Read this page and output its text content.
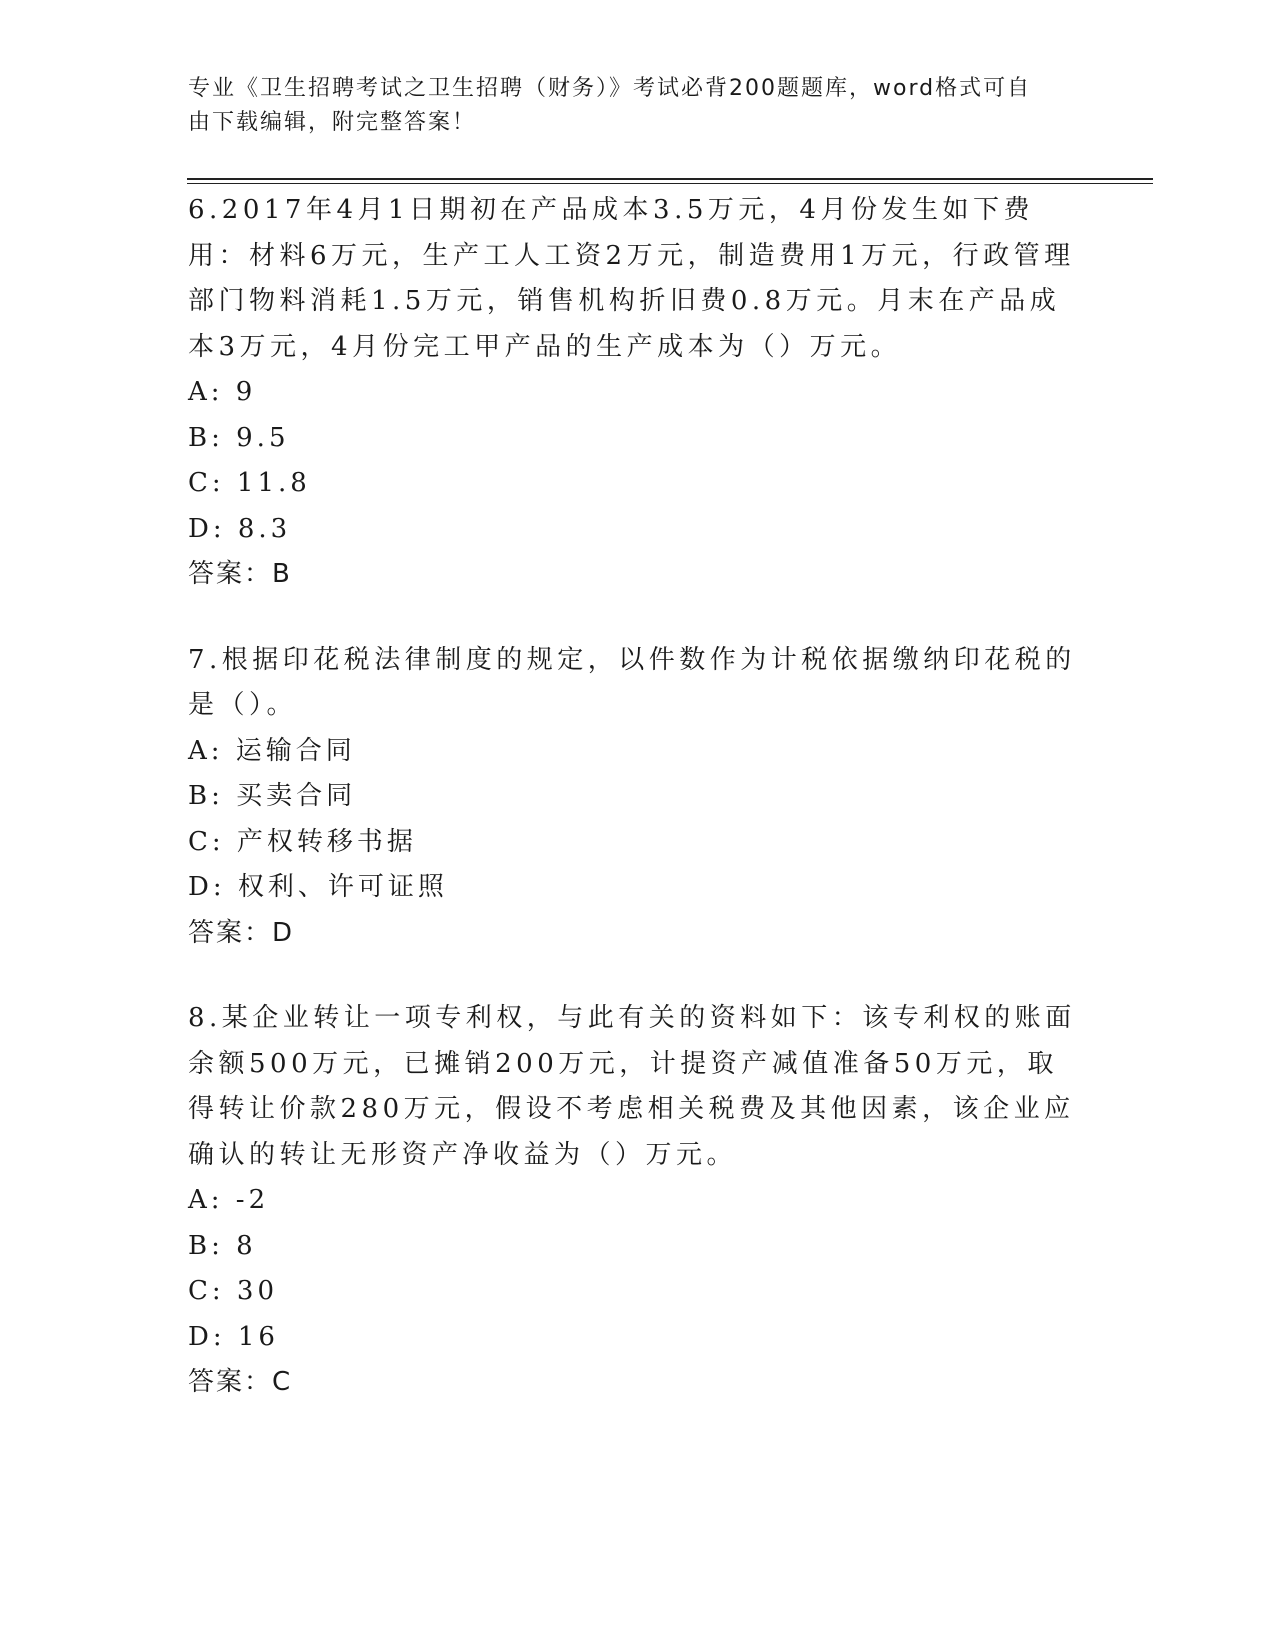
专业《卫生招聘考试之卫生招聘（财务）》考试必背200题题库，word格式可自
由下载编辑，附完整答案！

6.2017年4月1日期初在产品成本3.5万元，4月份发生如下费用：材料6万元，生产工人工资2万元，制造费用1万元，行政管理部门物料消耗1.5万元，销售机构折旧费0.8万元。月末在产品成本3万元，4月份完工甲产品的生产成本为（）万元。

A: 9

B: 9.5

C: 11.8

D: 8.3

答案：B

7.根据印花税法律制度的规定，以件数作为计税依据缴纳印花税的是（）。

A: 运输合同

B: 买卖合同

C: 产权转移书据

D: 权利、许可证照

答案：D

8.某企业转让一项专利权，与此有关的资料如下：该专利权的账面余额500万元，已摊销200万元，计提资产减值准备50万元，取得转让价款280万元，假设不考虑相关税费及其他因素，该企业应确认的转让无形资产净收益为（）万元。

A: -2

B: 8

C: 30

D: 16

答案：C
